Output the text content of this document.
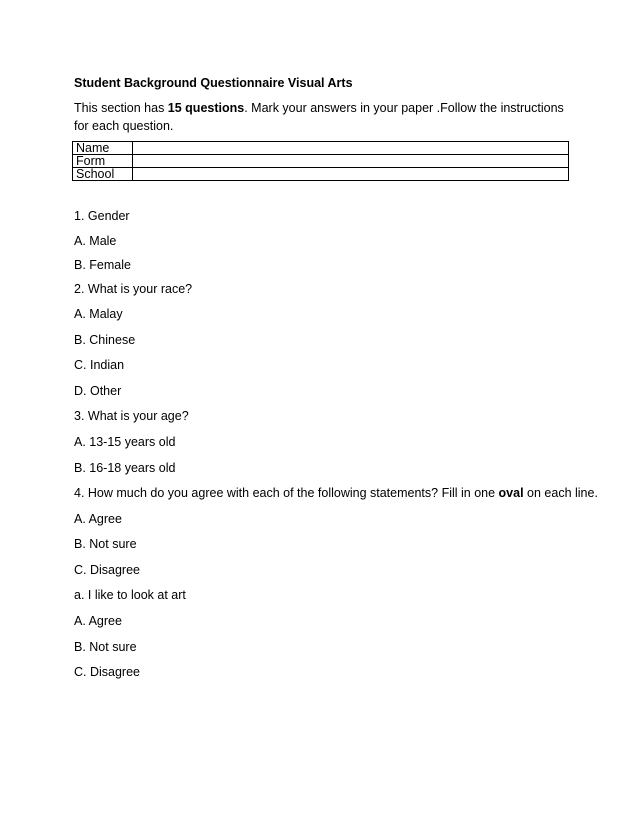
Student Background Questionnaire Visual Arts
This section has 15 questions. Mark your answers in your paper .Follow the instructions for each question.
Name	
Form	
School	
1. Gender
A. Male
B. Female
2. What is your race?
A. Malay
B. Chinese
C. Indian
D. Other
3. What is your age?
A. 13-15 years old
B. 16-18 years old
4. How much do you agree with each of the following statements? Fill in one oval on each line.
A. Agree
B. Not sure
C. Disagree
a. I like to look at art
A. Agree
B. Not sure
C. Disagree
